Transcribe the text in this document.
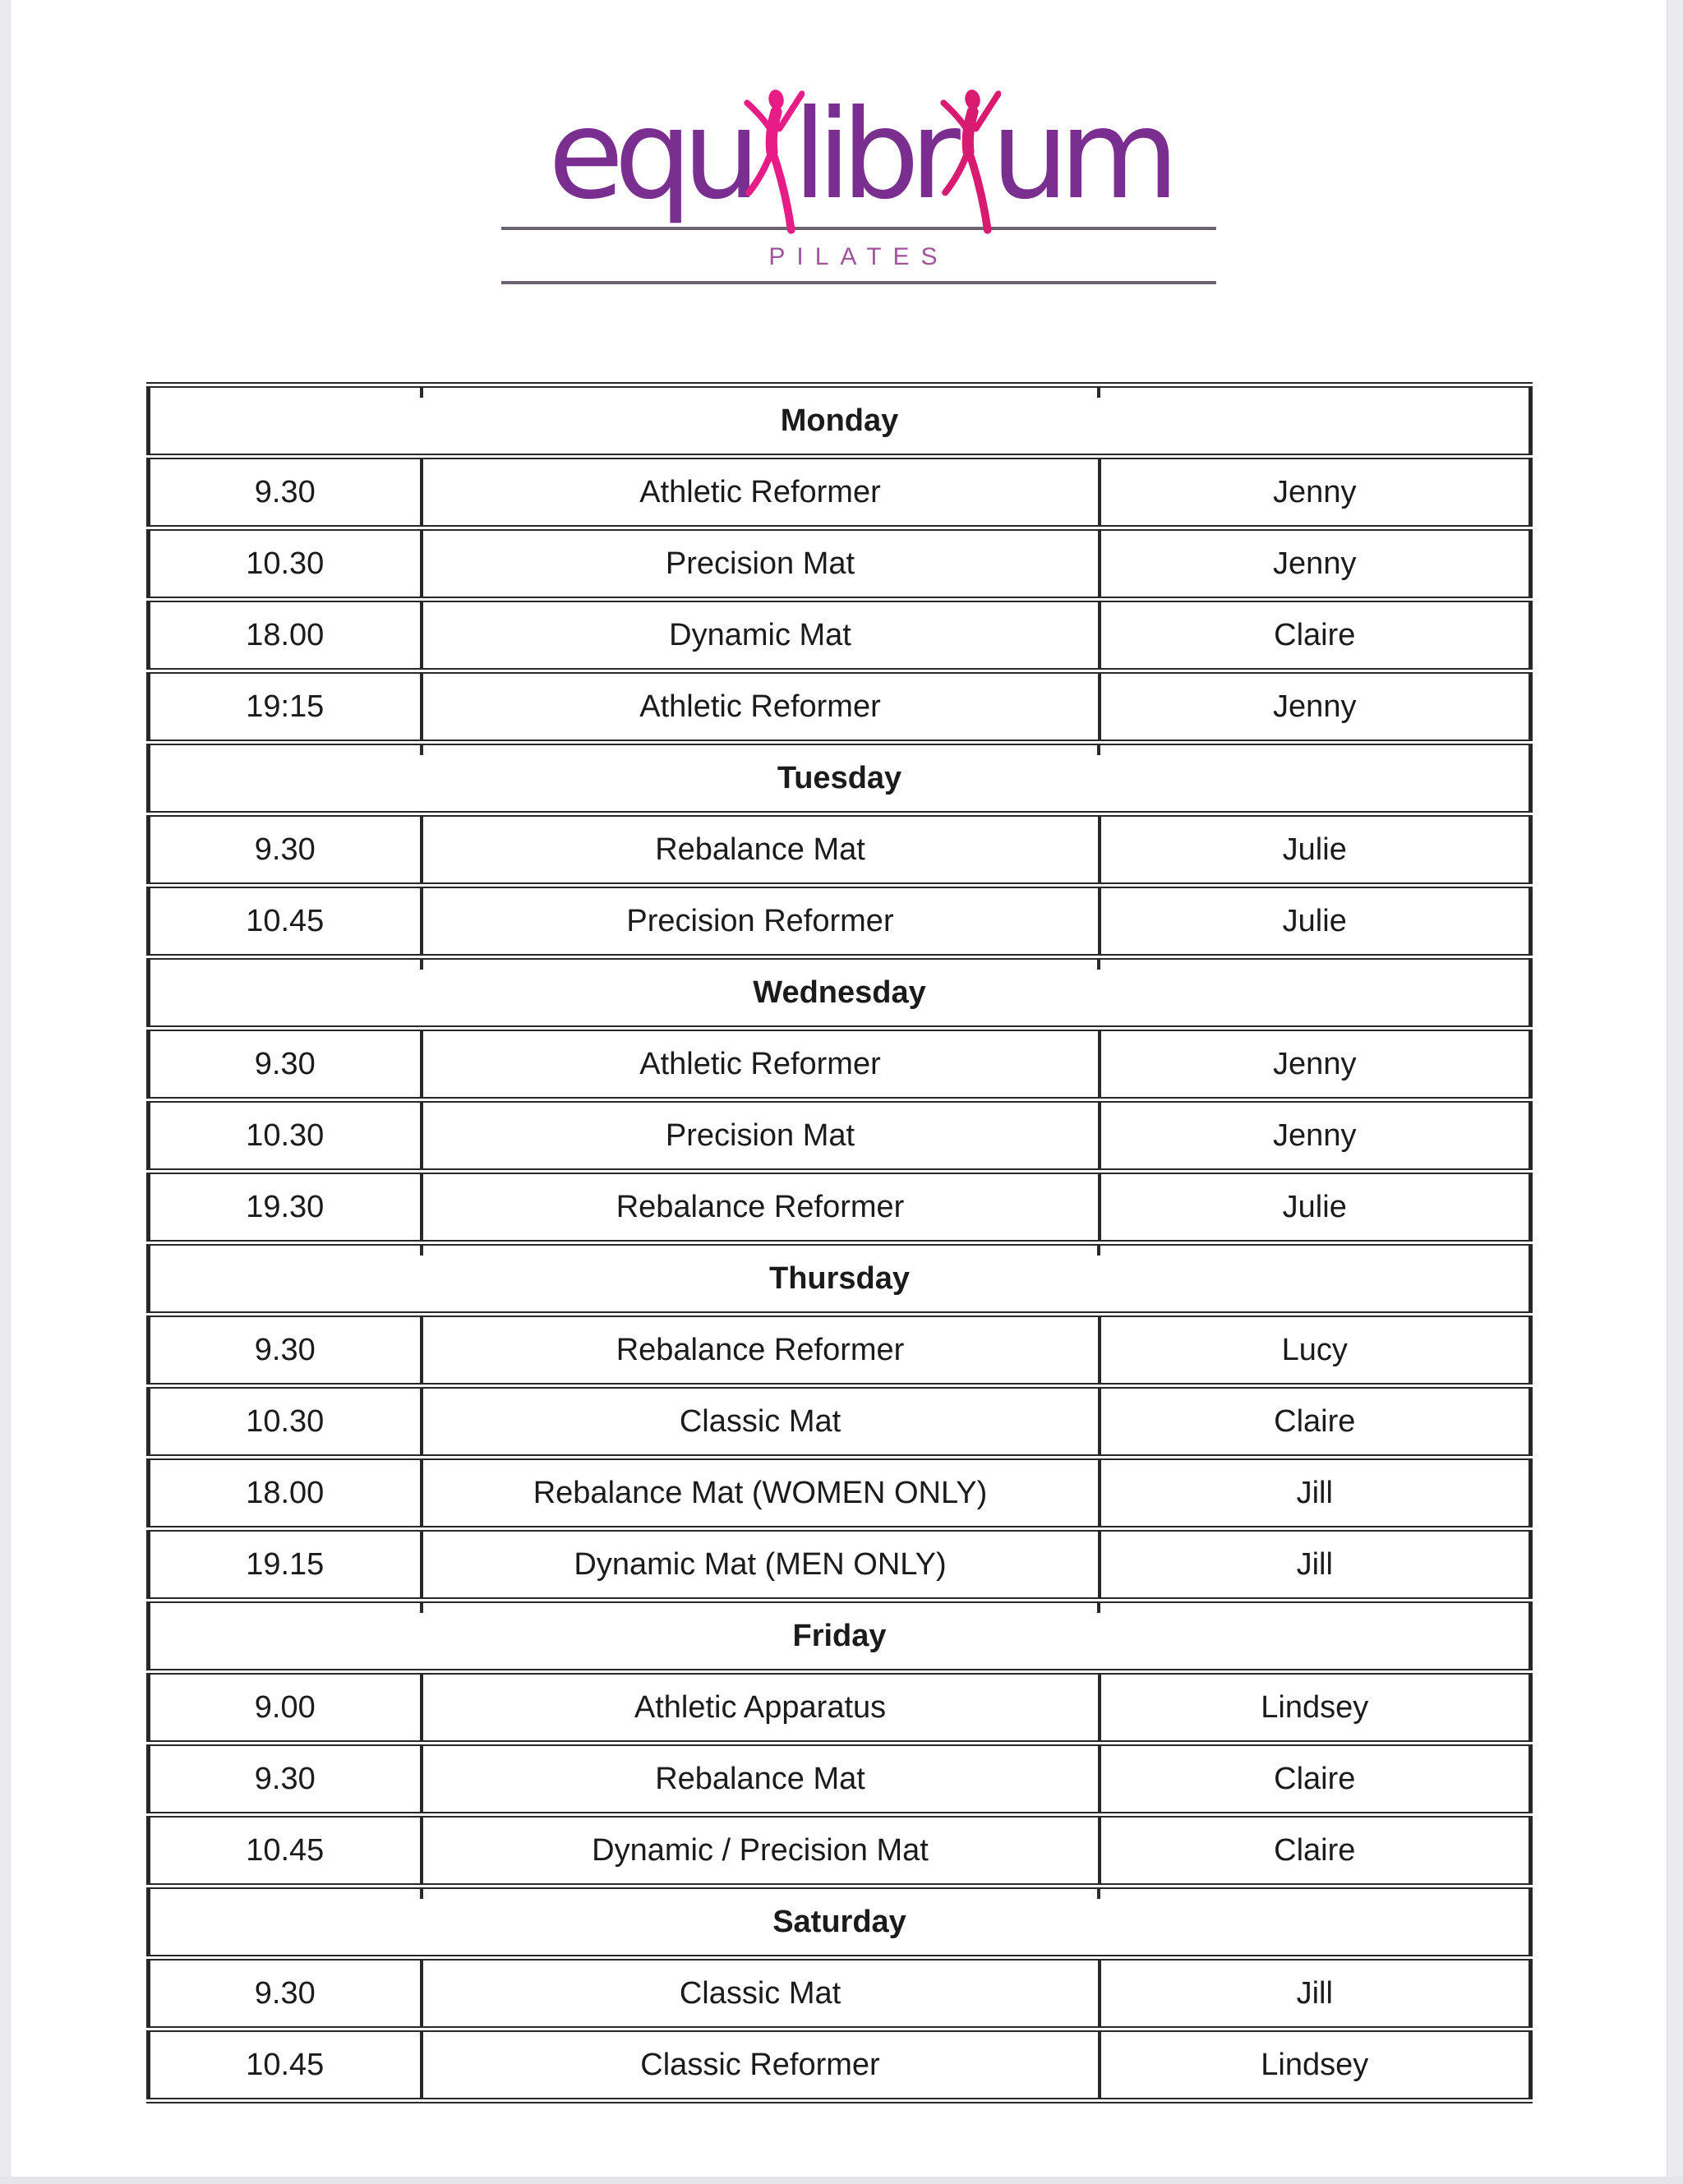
equ libr um
PILATES
Monday		
9.30	Athletic Reformer	Jenny
10.30	Precision Mat	Jenny
18.00	Dynamic Mat	Claire
19:15	Athletic Reformer	Jenny
Tuesday		
9.30	Rebalance Mat	Julie
10.45	Precision Reformer	Julie
Wednesday		
9.30	Athletic Reformer	Jenny
10.30	Precision Mat	Jenny
19.30	Rebalance Reformer	Julie
Thursday		
9.30	Rebalance Reformer	Lucy
10.30	Classic Mat	Claire
18.00	Rebalance Mat (WOMEN ONLY)	Jill
19.15	Dynamic Mat (MEN ONLY)	Jill
Friday		
9.00	Athletic Apparatus	Lindsey
9.30	Rebalance Mat	Claire
10.45	Dynamic / Precision Mat	Claire
Saturday		
9.30	Classic Mat	Jill
10.45	Classic Reformer	Lindsey
